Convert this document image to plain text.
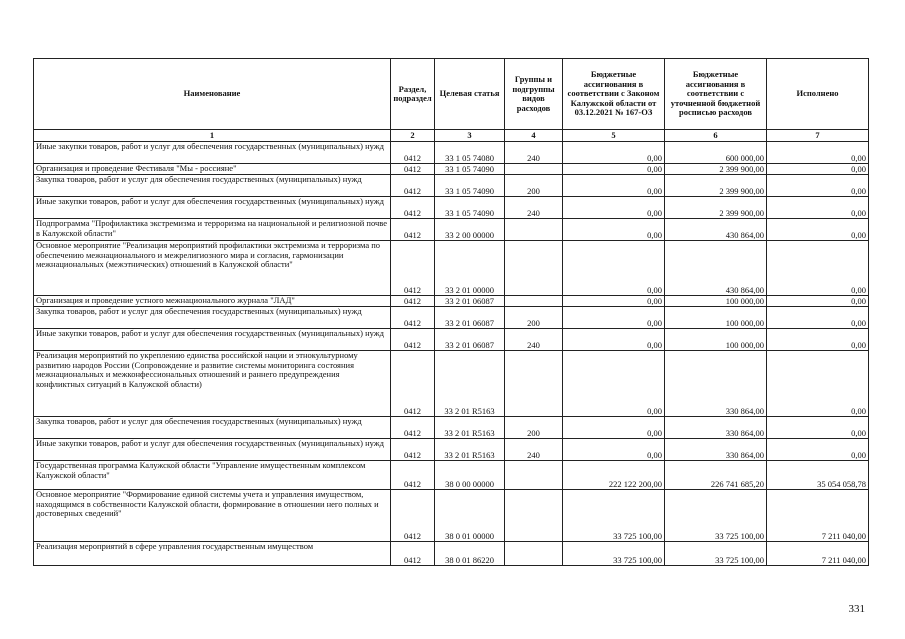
Наименование	Раздел, подраздел	Целевая статья	Группы и подгруппы видов расходов	Бюджетные ассигнования в соответствии с Законом Калужской области от 03.12.2021 № 167-ОЗ	Бюджетные ассигнования в соответствии с уточненной бюджетной росписью расходов	Исполнено
1	2	3	4	5	6	7
Иные закупки товаров, работ и услуг для обеспечения государственных (муниципальных) нужд	0412	33 1 05 74080	240	0,00	600 000,00	0,00
Организация и проведение Фестиваля "Мы - россияне"	0412	33 1 05 74090		0,00	2 399 900,00	0,00
Закупка товаров, работ и услуг для обеспечения государственных (муниципальных) нужд	0412	33 1 05 74090	200	0,00	2 399 900,00	0,00
Иные закупки товаров, работ и услуг для обеспечения государственных (муниципальных) нужд	0412	33 1 05 74090	240	0,00	2 399 900,00	0,00
Подпрограмма "Профилактика экстремизма и терроризма на национальной и религиозной почве в Калужской области"	0412	33 2 00 00000		0,00	430 864,00	0,00
Основное мероприятие "Реализация мероприятий профилактики экстремизма и терроризма по обеспечению межнационального и межрелигиозного мира и согласия, гармонизации межнациональных (межэтнических) отношений в Калужской области"	0412	33 2 01 00000		0,00	430 864,00	0,00
Организация и проведение устного межнационального журнала "ЛАД"	0412	33 2 01 06087		0,00	100 000,00	0,00
Закупка товаров, работ и услуг для обеспечения государственных (муниципальных) нужд	0412	33 2 01 06087	200	0,00	100 000,00	0,00
Иные закупки товаров, работ и услуг для обеспечения государственных (муниципальных) нужд	0412	33 2 01 06087	240	0,00	100 000,00	0,00
Реализация мероприятий по укреплению единства российской нации и этнокультурному развитию народов России (Сопровождение и развитие системы мониторинга состояния межнациональных и межконфессиональных отношений и раннего предупреждения конфликтных ситуаций в Калужской области)	0412	33 2 01 R5163		0,00	330 864,00	0,00
Закупка товаров, работ и услуг для обеспечения государственных (муниципальных) нужд	0412	33 2 01 R5163	200	0,00	330 864,00	0,00
Иные закупки товаров, работ и услуг для обеспечения государственных (муниципальных) нужд	0412	33 2 01 R5163	240	0,00	330 864,00	0,00
Государственная программа Калужской области "Управление имущественным комплексом Калужской области"	0412	38 0 00 00000		222 122 200,00	226 741 685,20	35 054 058,78
Основное мероприятие "Формирование единой системы учета и управления имуществом, находящимся в собственности Калужской области, формирование в отношении него полных и достоверных сведений"	0412	38 0 01 00000		33 725 100,00	33 725 100,00	7 211 040,00
Реализация мероприятий в сфере управления государственным имуществом	0412	38 0 01 86220		33 725 100,00	33 725 100,00	7 211 040,00
331
